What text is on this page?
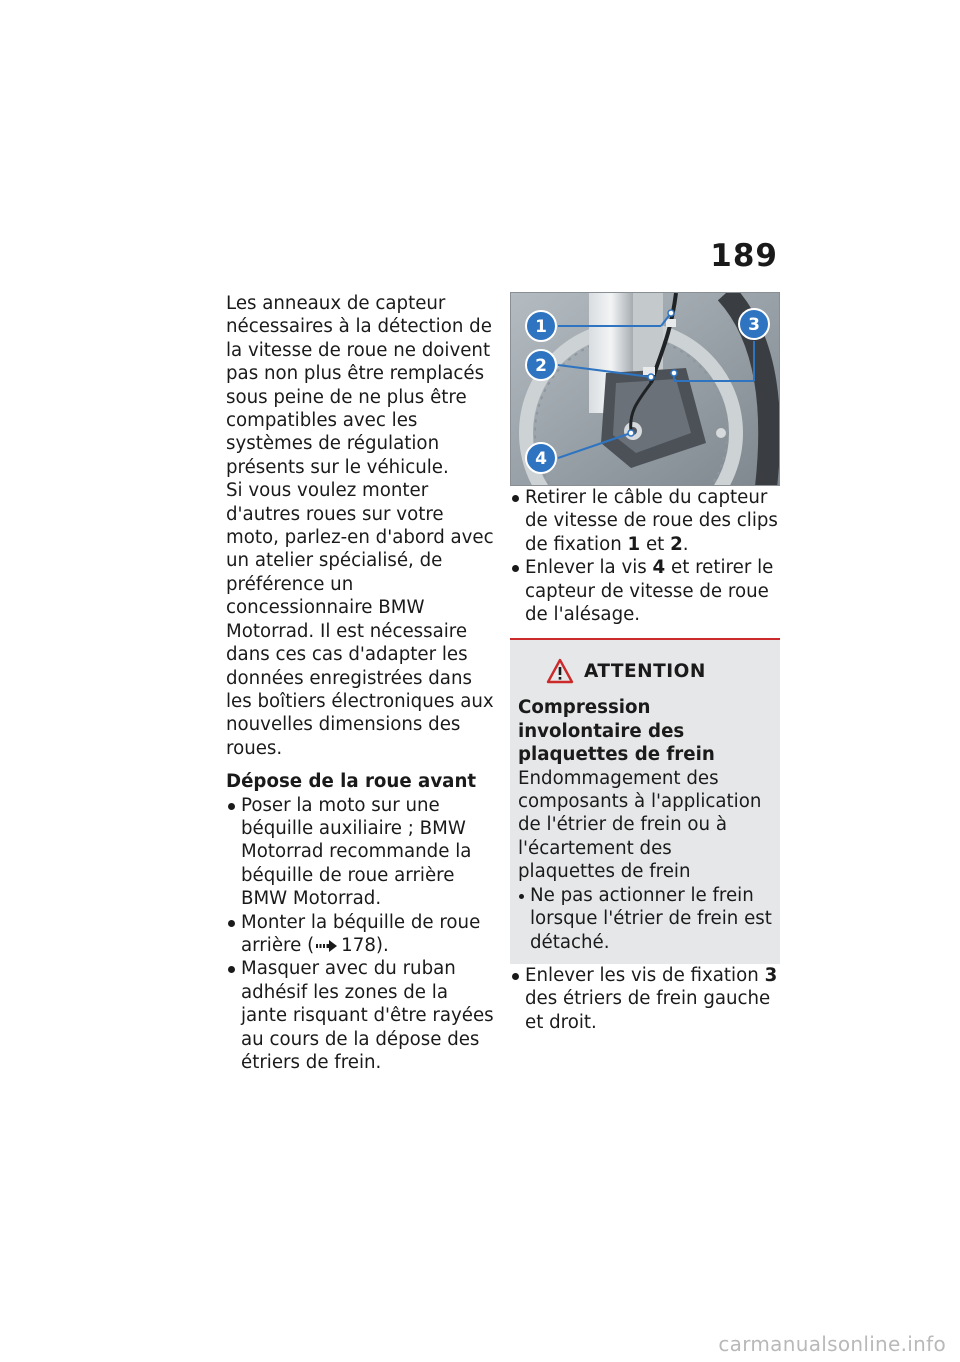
189

Les anneaux de capteur nécessaires à la détection de la vitesse de roue ne doivent pas non plus être remplacés sous peine de ne plus être compatibles avec les systèmes de régulation présents sur le véhicule.

Si vous voulez monter d'autres roues sur votre moto, parlez-en d'abord avec un atelier spécialisé, de préférence un concessionnaire BMW Motorrad. Il est nécessaire dans ces cas d'adapter les données enregistrées dans les boîtiers électroniques aux nouvelles dimensions des roues.

Dépose de la roue avant

Poser la moto sur une béquille auxiliaire ; BMW Motorrad recommande la béquille de roue arrière BMW Motorrad.
Monter la béquille de roue arrière ( 178).
Masquer avec du ruban adhésif les zones de la jante risquant d'être rayées au cours de la dépose des étriers de frein.
1
2
3
4
Retirer le câble du capteur de vitesse de roue des clips de fixation 1 et 2.
Enlever la vis 4 et retirer le capteur de vitesse de roue de l'alésage.
ATTENTION

Compression involontaire des plaquettes de frein

Endommagement des composants à l'application de l'étrier de frein ou à l'écartement des plaquettes de frein

Ne pas actionner le frein lorsque l'étrier de frein est détaché.
Enlever les vis de fixation 3 des étriers de frein gauche et droit.
carmanualsonline.info
